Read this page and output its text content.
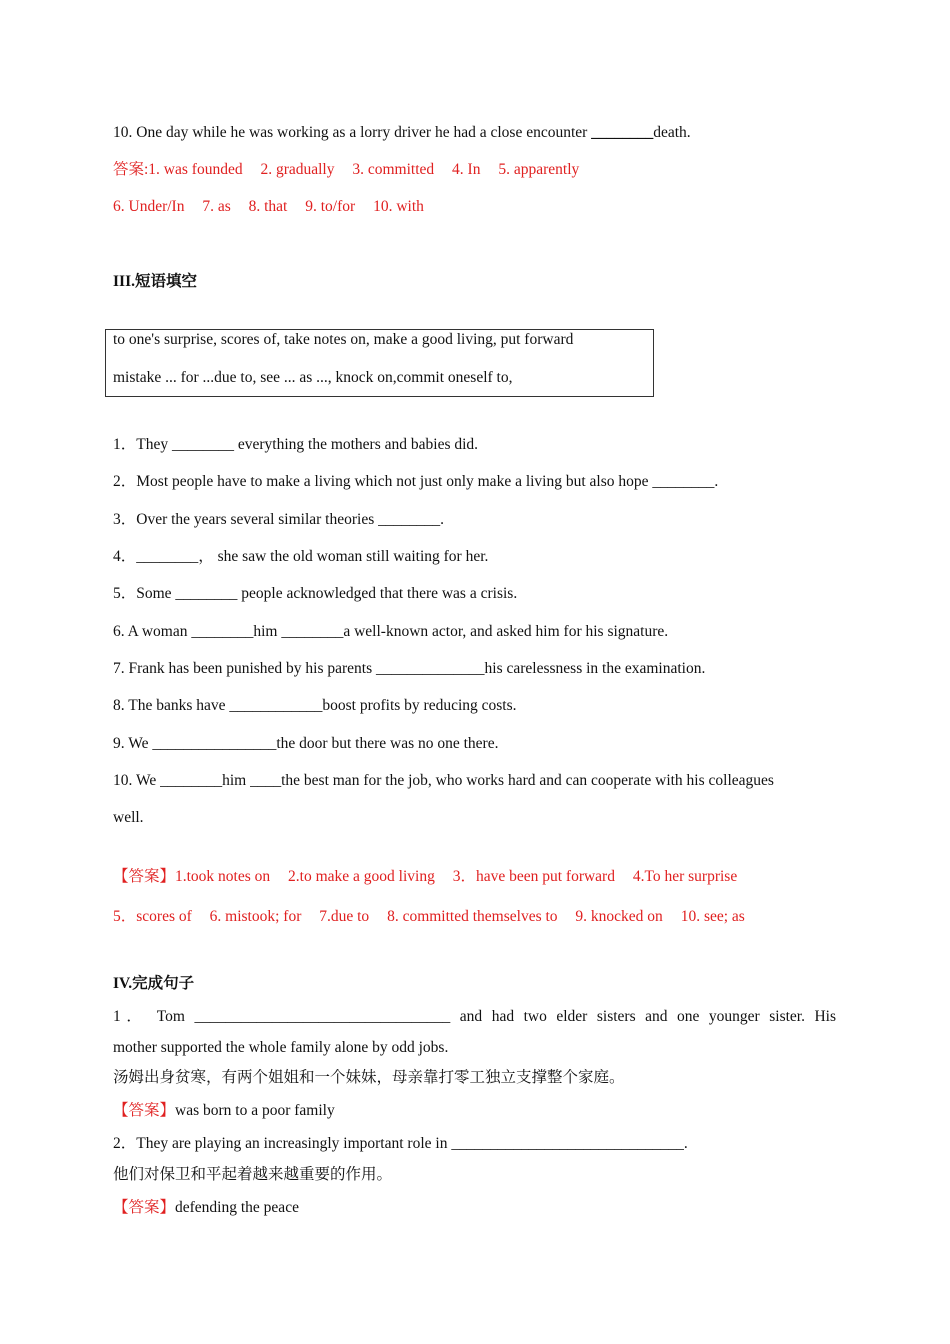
10. One day while he was working as a lorry driver he had a close encounter ________death.
答案:1. was founded 2. gradually 3. committed 4. In 5. apparently
6. Under/In 7. as 8. that 9. to/for 10. with
III.短语填空
to one's surprise, scores of, take notes on, make a good living, put forward
mistake ... for ...due to, see ... as ..., knock on,commit oneself to,
1．They ________ everything the mothers and babies did.
2．Most people have to make a living which not just only make a living but also hope ________.
3．Over the years several similar theories ________.
4．________， she saw the old woman still waiting for her.
5．Some ________ people acknowledged that there was a crisis.
6. A woman ________him ________a well-known actor, and asked him for his signature.
7. Frank has been punished by his parents ______________his carelessness in the examination.
8. The banks have ____________boost profits by reducing costs.
9. We ________________the door but there was no one there.
10. We ________him ____the best man for the job, who works hard and can cooperate with his colleagues
well.
【答案】1.took notes on 2.to make a good living 3．have been put forward 4.To her surprise
5．scores of 6. mistook; for 7.due to 8. committed themselves to 9. knocked on 10. see; as
IV.完成句子
1． Tom _________________________________ and had two elder sisters and one younger sister. His
mother supported the whole family alone by odd jobs.
汤姆出身贫寒，有两个姐姐和一个妹妹，母亲靠打零工独立支撑整个家庭。
【答案】was born to a poor family
2．They are playing an increasingly important role in ______________________________.
他们对保卫和平起着越来越重要的作用。
【答案】defending the peace
